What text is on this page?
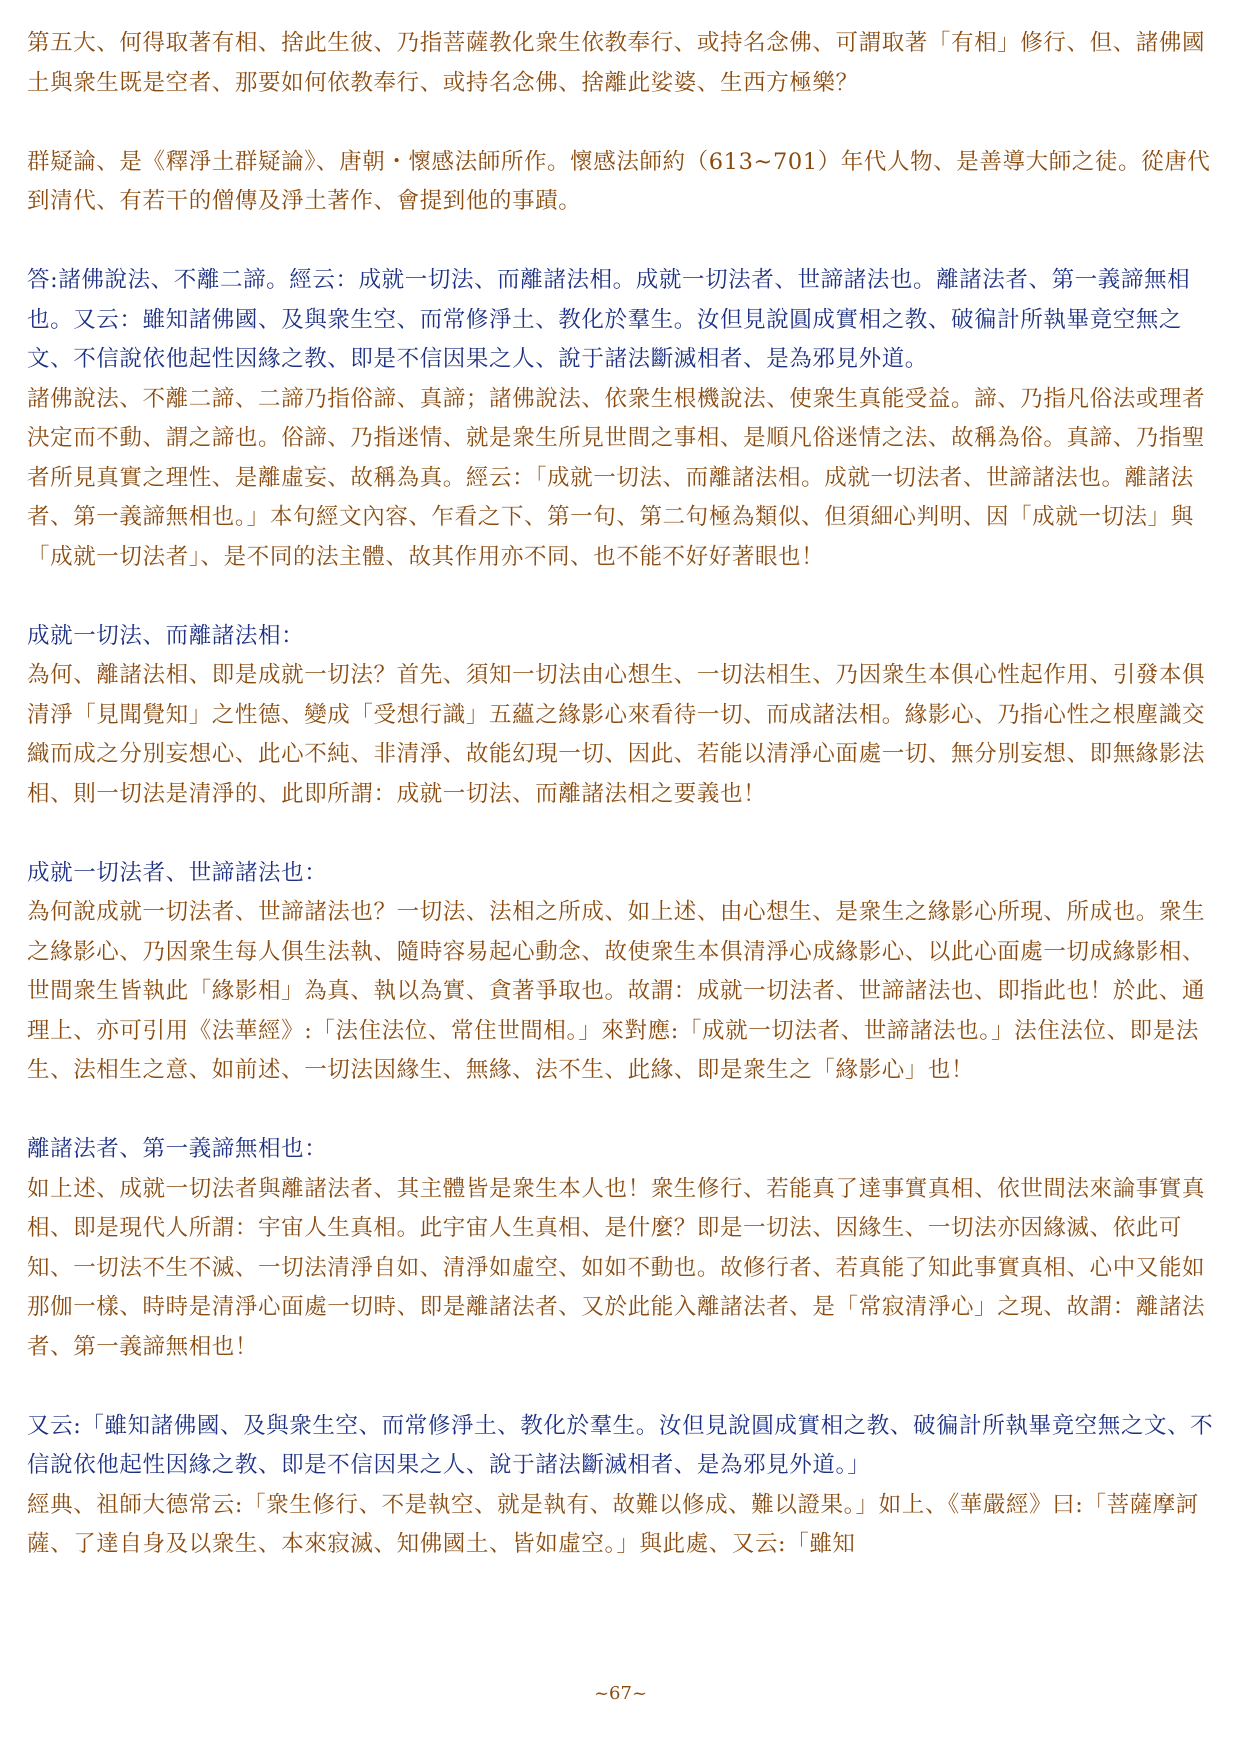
第五大、何得取著有相、捨此生彼、乃指菩薩教化衆生依教奉行、或持名念佛、可謂取著「有相」修行、但、諸佛國土與衆生既是空者、那要如何依教奉行、或持名念佛、捨離此娑婆、生西方極樂？

群疑論、是《釋淨土群疑論》、唐朝・懷感法師所作。懷感法師約（613~701）年代人物、是善導大師之徒。從唐代到清代、有若干的僧傳及淨土著作、會提到他的事蹟。

答:諸佛說法、不離二諦。經云：成就一切法、而離諸法相。成就一切法者、世諦諸法也。離諸法者、第一義諦無相也。又云：雖知諸佛國、及與衆生空、而常修淨土、教化於羣生。汝但見說圓成實相之教、破徧計所執畢竟空無之文、不信說依他起性因緣之教、即是不信因果之人、說于諸法斷滅相者、是為邪見外道。

諸佛說法、不離二諦、二諦乃指俗諦、真諦；諸佛說法、依衆生根機說法、使衆生真能受益。諦、乃指凡俗法或理者決定而不動、謂之諦也。俗諦、乃指迷情、就是衆生所見世間之事相、是順凡俗迷情之法、故稱為俗。真諦、乃指聖者所見真實之理性、是離虛妄、故稱為真。經云：「成就一切法、而離諸法相。成就一切法者、世諦諸法也。離諸法者、第一義諦無相也。」本句經文內容、乍看之下、第一句、第二句極為類似、但須細心判明、因「成就一切法」與「成就一切法者」、是不同的法主體、故其作用亦不同、也不能不好好著眼也！

成就一切法、而離諸法相：

為何、離諸法相、即是成就一切法？首先、須知一切法由心想生、一切法相生、乃因衆生本俱心性起作用、引發本俱清淨「見聞覺知」之性德、變成「受想行識」五蘊之緣影心來看待一切、而成諸法相。緣影心、乃指心性之根塵識交織而成之分別妄想心、此心不純、非清淨、故能幻現一切、因此、若能以清淨心面處一切、無分別妄想、即無緣影法相、則一切法是清淨的、此即所謂：成就一切法、而離諸法相之要義也！

成就一切法者、世諦諸法也：

為何說成就一切法者、世諦諸法也？一切法、法相之所成、如上述、由心想生、是衆生之緣影心所現、所成也。衆生之緣影心、乃因衆生每人俱生法執、隨時容易起心動念、故使衆生本俱清淨心成緣影心、以此心面處一切成緣影相、世間衆生皆執此「緣影相」為真、執以為實、貪著爭取也。故謂：成就一切法者、世諦諸法也、即指此也！於此、通理上、亦可引用《法華經》:「法住法位、常住世間相。」來對應:「成就一切法者、世諦諸法也。」法住法位、即是法生、法相生之意、如前述、一切法因緣生、無緣、法不生、此緣、即是衆生之「緣影心」也！

離諸法者、第一義諦無相也：

如上述、成就一切法者與離諸法者、其主體皆是衆生本人也！衆生修行、若能真了達事實真相、依世間法來論事實真相、即是現代人所謂：宇宙人生真相。此宇宙人生真相、是什麼？即是一切法、因緣生、一切法亦因緣滅、依此可知、一切法不生不滅、一切法清淨自如、清淨如虛空、如如不動也。故修行者、若真能了知此事實真相、心中又能如那伽一樣、時時是清淨心面處一切時、即是離諸法者、又於此能入離諸法者、是「常寂清淨心」之現、故謂：離諸法者、第一義諦無相也！

又云:「雖知諸佛國、及與衆生空、而常修淨土、教化於羣生。汝但見說圓成實相之教、破徧計所執畢竟空無之文、不信說依他起性因緣之教、即是不信因果之人、說于諸法斷滅相者、是為邪見外道。」

經典、祖師大德常云:「衆生修行、不是執空、就是執有、故難以修成、難以證果。」如上、《華嚴經》曰:「菩薩摩訶薩、了達自身及以衆生、本來寂滅、知佛國土、皆如虛空。」與此處、又云:「雖知

~67~
